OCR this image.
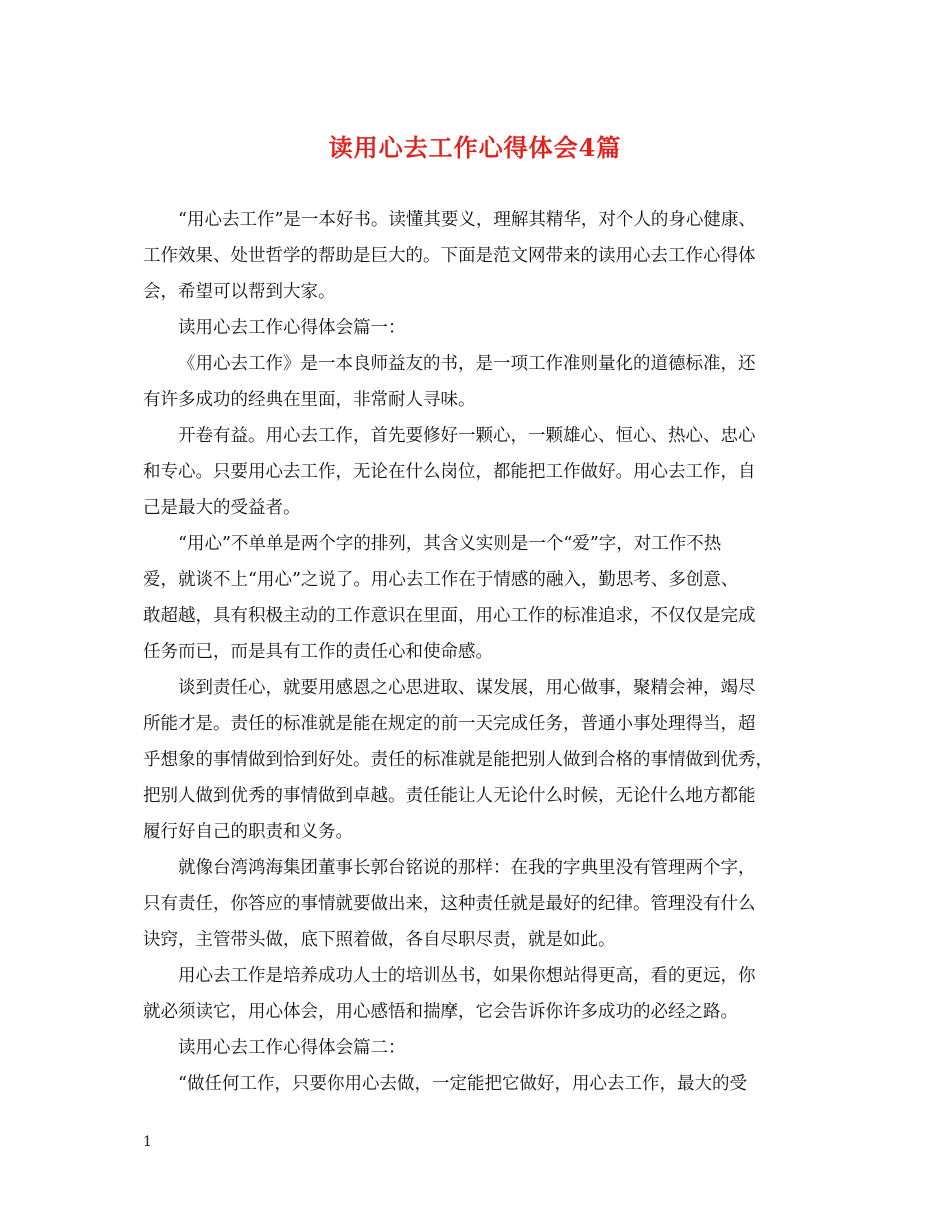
读用心去工作心得体会4篇

“用心去工作”是一本好书。读懂其要义，理解其精华，对个人的身心健康、

工作效果、处世哲学的帮助是巨大的。下面是范文网带来的读用心去工作心得体

会，希望可以帮到大家。

读用心去工作心得体会篇一：

《用心去工作》是一本良师益友的书，是一项工作准则量化的道德标准，还

有许多成功的经典在里面，非常耐人寻味。

开卷有益。用心去工作，首先要修好一颗心，一颗雄心、恒心、热心、忠心

和专心。只要用心去工作，无论在什么岗位，都能把工作做好。用心去工作，自

己是最大的受益者。

“用心”不单单是两个字的排列，其含义实则是一个“爱”字，对工作不热

爱，就谈不上“用心”之说了。用心去工作在于情感的融入，勤思考、多创意、

敢超越，具有积极主动的工作意识在里面，用心工作的标准追求，不仅仅是完成

任务而已，而是具有工作的责任心和使命感。

谈到责任心，就要用感恩之心思进取、谋发展，用心做事，聚精会神，竭尽

所能才是。责任的标准就是能在规定的前一天完成任务，普通小事处理得当，超

乎想象的事情做到恰到好处。责任的标准就是能把别人做到合格的事情做到优秀，

把别人做到优秀的事情做到卓越。责任能让人无论什么时候，无论什么地方都能

履行好自己的职责和义务。

就像台湾鸿海集团董事长郭台铭说的那样：在我的字典里没有管理两个字，

只有责任，你答应的事情就要做出来，这种责任就是最好的纪律。管理没有什么

诀窍，主管带头做，底下照着做，各自尽职尽责，就是如此。

用心去工作是培养成功人士的培训丛书，如果你想站得更高，看的更远，你

就必须读它，用心体会，用心感悟和揣摩，它会告诉你许多成功的必经之路。

读用心去工作心得体会篇二：

“做任何工作，只要你用心去做，一定能把它做好，用心去工作，最大的受

1
